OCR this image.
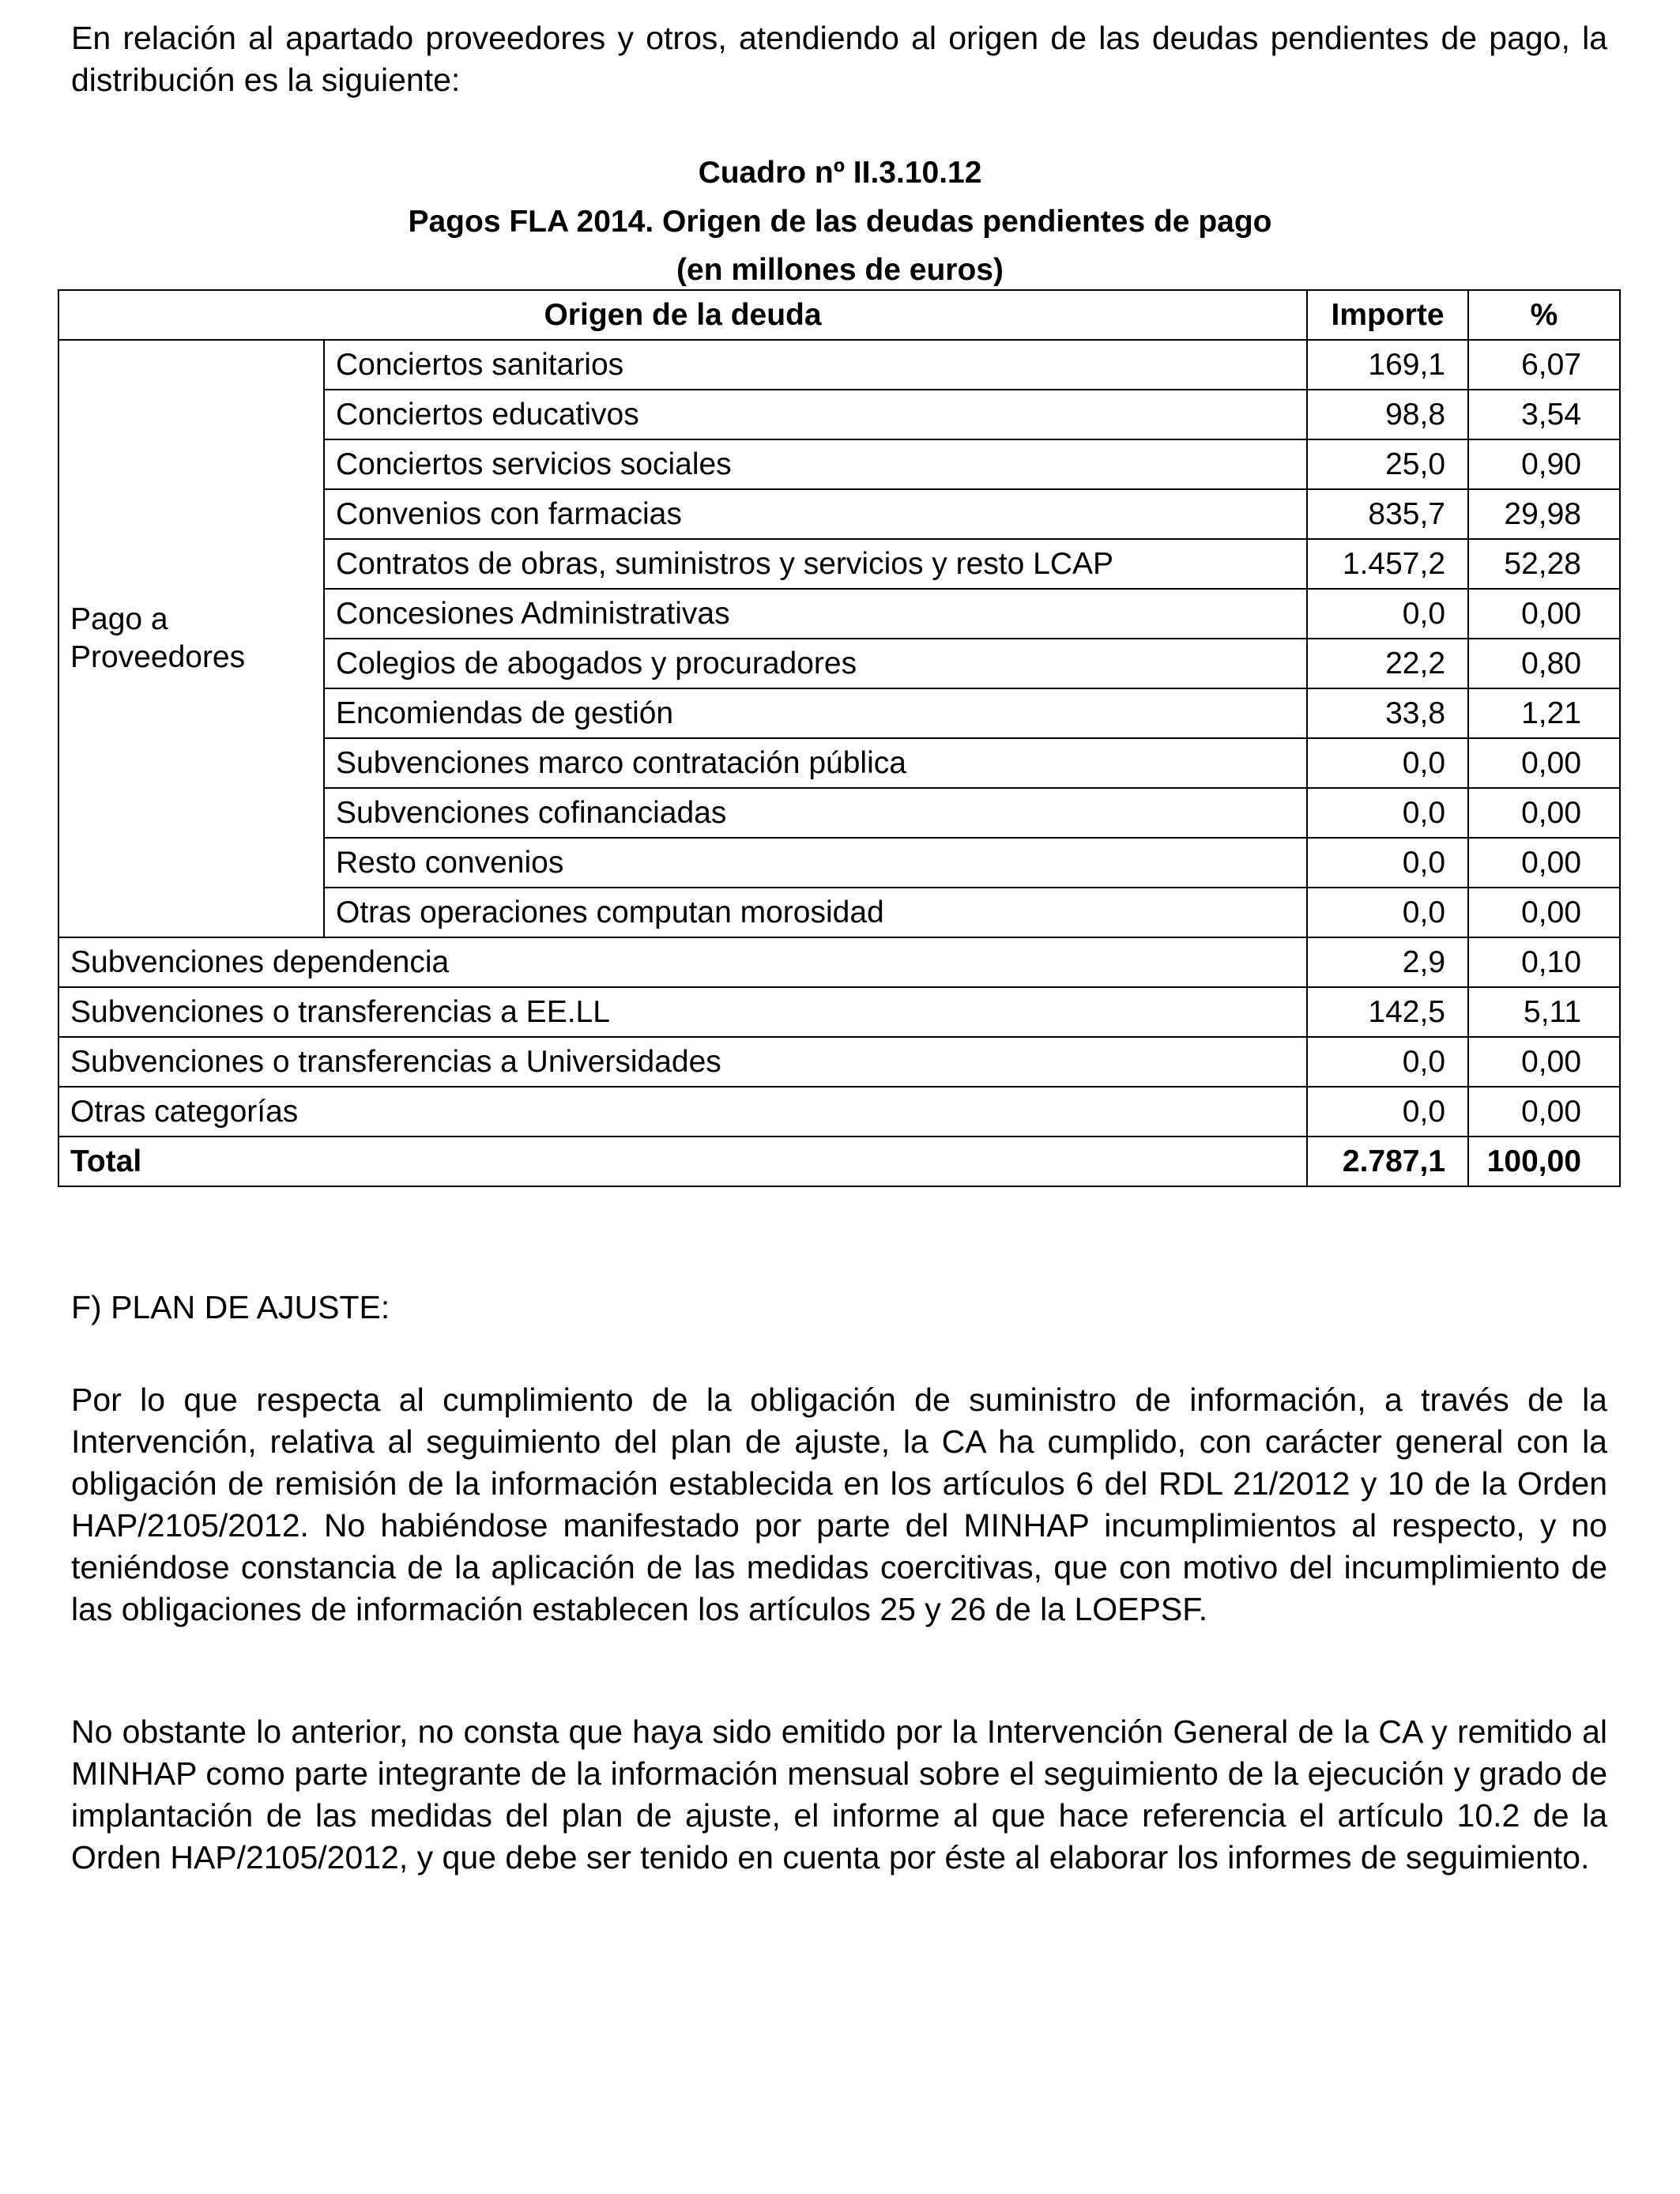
En relación al apartado proveedores y otros, atendiendo al origen de las deudas pendientes de pago, la distribución es la siguiente:

Cuadro nº II.3.10.12

Pagos FLA 2014. Origen de las deudas pendientes de pago

(en millones de euros)

Origen de la deuda		Importe	%
Pago a Proveedores	Conciertos sanitarios	169,1	6,07
	Conciertos educativos	98,8	3,54
	Conciertos servicios sociales	25,0	0,90
	Convenios con farmacias	835,7	29,98
	Contratos de obras, suministros y servicios y resto LCAP	1.457,2	52,28
	Concesiones Administrativas	0,0	0,00
	Colegios de abogados y procuradores	22,2	0,80
	Encomiendas de gestión	33,8	1,21
	Subvenciones marco contratación pública	0,0	0,00
	Subvenciones cofinanciadas	0,0	0,00
	Resto convenios	0,0	0,00
	Otras operaciones computan morosidad	0,0	0,00
Subvenciones dependencia		2,9	0,10
Subvenciones o transferencias a EE.LL		142,5	5,11
Subvenciones o transferencias a Universidades		0,0	0,00
Otras categorías		0,0	0,00
Total		2.787,1	100,00

F) PLAN DE AJUSTE:

Por lo que respecta al cumplimiento de la obligación de suministro de información, a través de la Intervención, relativa al seguimiento del plan de ajuste, la CA ha cumplido, con carácter general con la obligación de remisión de la información establecida en los artículos 6 del RDL 21/2012 y 10 de la Orden HAP/2105/2012. No habiéndose manifestado por parte del MINHAP incumplimientos al respecto, y no teniéndose constancia de la aplicación de las medidas coercitivas, que con motivo del incumplimiento de las obligaciones de información establecen los artículos 25 y 26 de la LOEPSF.

No obstante lo anterior, no consta que haya sido emitido por la Intervención General de la CA y remitido al MINHAP como parte integrante de la información mensual sobre el seguimiento de la ejecución y grado de implantación de las medidas del plan de ajuste, el informe al que hace referencia el artículo 10.2 de la Orden HAP/2105/2012, y que debe ser tenido en cuenta por éste al elaborar los informes de seguimiento.
